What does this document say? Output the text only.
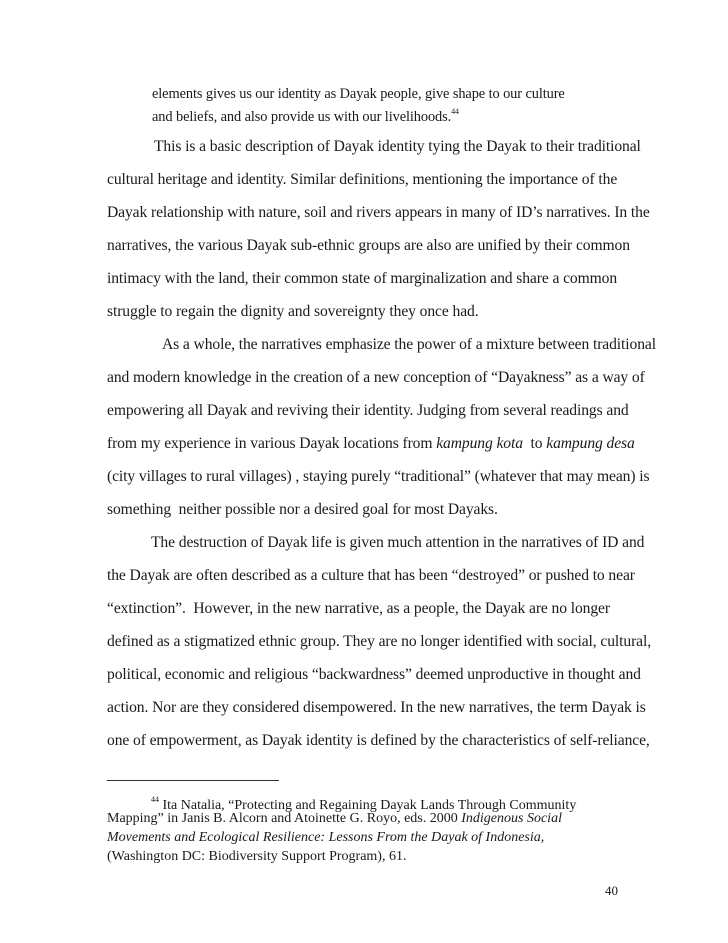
elements gives us our identity as Dayak people, give shape to our culture
and beliefs, and also provide us with our livelihoods.$^{44}$
This is a basic description of Dayak identity tying the Dayak to their traditional
cultural heritage and identity. Similar definitions, mentioning the importance of the
Dayak relationship with nature, soil and rivers appears in many of ID’s narratives. In the
narratives, the various Dayak sub-ethnic groups are also are unified by their common
intimacy with the land, their common state of marginalization and share a common
struggle to regain the dignity and sovereignty they once had.
As a whole, the narratives emphasize the power of a mixture between traditional
and modern knowledge in the creation of a new conception of “Dayakness” as a way of
empowering all Dayak and reviving their identity. Judging from several readings and
from my experience in various Dayak locations from kampung kota  to kampung desa
(city villages to rural villages) , staying purely “traditional” (whatever that may mean) is
something  neither possible nor a desired goal for most Dayaks.
The destruction of Dayak life is given much attention in the narratives of ID and
the Dayak are often described as a culture that has been “destroyed” or pushed to near
“extinction”.  However, in the new narrative, as a people, the Dayak are no longer
defined as a stigmatized ethnic group. They are no longer identified with social, cultural,
political, economic and religious “backwardness” deemed unproductive in thought and
action. Nor are they considered disempowered. In the new narratives, the term Dayak is
one of empowerment, as Dayak identity is defined by the characteristics of self-reliance,
$^{44}$ Ita Natalia, “Protecting and Regaining Dayak Lands Through Community
Mapping” in Janis B. Alcorn and Atoinette G. Royo, eds. 2000 Indigenous Social
Movements and Ecological Resilience: Lessons From the Dayak of Indonesia,
(Washington DC: Biodiversity Support Program), 61.
40
